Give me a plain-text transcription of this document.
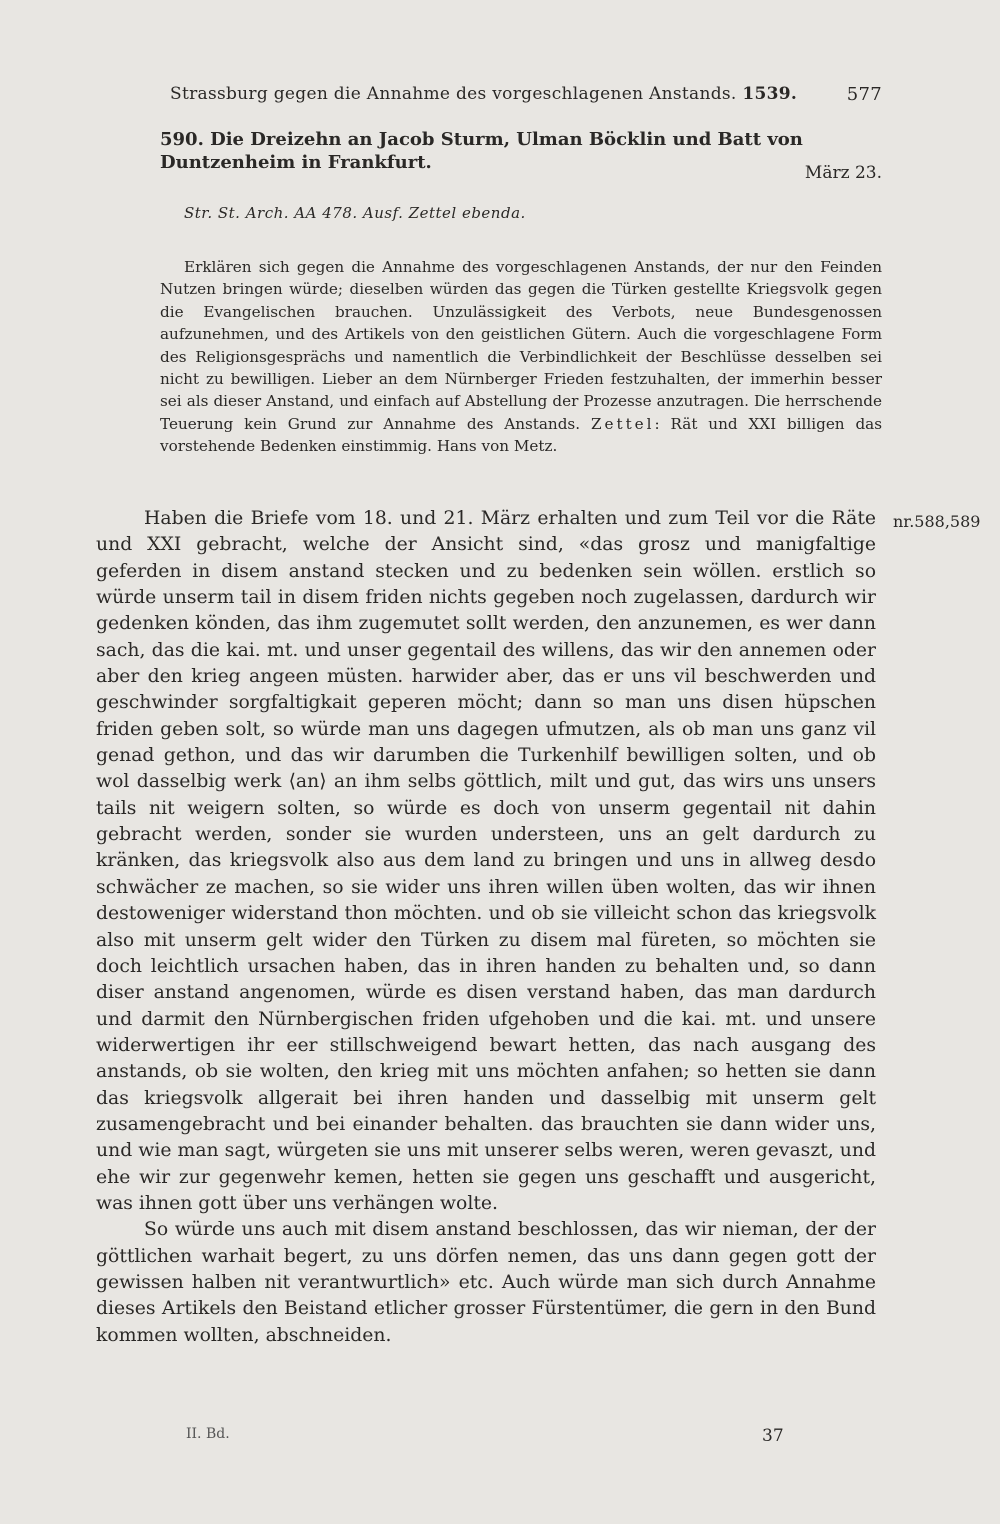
Strassburg gegen die Annahme des vorgeschlagenen Anstands. 1539.	577
590. Die Dreizehn an Jacob Sturm, Ulman Böcklin und Batt von Duntzenheim in Frankfurt.	März 23.
Str. St. Arch. AA 478. Ausf. Zettel ebenda.
Erklären sich gegen die Annahme des vorgeschlagenen Anstands, der nur den Feinden Nutzen bringen würde; dieselben würden das gegen die Türken gestellte Kriegsvolk gegen die Evangelischen brauchen. Unzulässigkeit des Verbots, neue Bundesgenossen aufzunehmen, und des Artikels von den geistlichen Gütern. Auch die vorgeschlagene Form des Religionsgesprächs und namentlich die Verbindlichkeit der Beschlüsse desselben sei nicht zu bewilligen. Lieber an dem Nürnberger Frieden festzuhalten, der immerhin besser sei als dieser Anstand, und einfach auf Abstellung der Prozesse anzutragen. Die herrschende Teuerung kein Grund zur Annahme des Anstands. Zettel: Rät und XXI billigen das vorstehende Bedenken einstimmig. Hans von Metz.

Haben die Briefe vom 18. und 21. März erhalten und zum Teil vor die Räte und XXI gebracht, welche der Ansicht sind, «das grosz und manigfaltige geferden in disem anstand stecken und zu bedenken sein wöllen. erstlich so würde unserm tail in disem friden nichts gegeben noch zugelassen, dardurch wir gedenken könden, das ihm zugemutet sollt werden, den anzunemen, es wer dann sach, das die kai. mt. und unser gegentail des willens, das wir den annemen oder aber den krieg angeen müsten. harwider aber, das er uns vil beschwerden und geschwinder sorgfaltigkait geperen möcht; dann so man uns disen hüpschen friden geben solt, so würde man uns dagegen ufmutzen, als ob man uns ganz vil genad gethon, und das wir darumben die Turkenhilf bewilligen solten, und ob wol dasselbig werk ⟨an⟩ an ihm selbs göttlich, milt und gut, das wirs uns unsers tails nit weigern solten, so würde es doch von unserm gegentail nit dahin gebracht werden, sonder sie wurden understeen, uns an gelt dardurch zu kränken, das kriegsvolk also aus dem land zu bringen und uns in allweg desdo schwächer ze machen, so sie wider uns ihren willen üben wolten, das wir ihnen destoweniger widerstand thon möchten. und ob sie villeicht schon das kriegsvolk also mit unserm gelt wider den Türken zu disem mal füreten, so möchten sie doch leichtlich ursachen haben, das in ihren handen zu behalten und, so dann diser anstand angenomen, würde es disen verstand haben, das man dardurch und darmit den Nürnbergischen friden ufgehoben und die kai. mt. und unsere widerwertigen ihr eer stillschweigend bewart hetten, das nach ausgang des anstands, ob sie wolten, den krieg mit uns möchten anfahen; so hetten sie dann das kriegsvolk allgerait bei ihren handen und dasselbig mit unserm gelt zusamengebracht und bei einander behalten. das brauchten sie dann wider uns, und wie man sagt, würgeten sie uns mit unserer selbs weren, weren gevaszt, und ehe wir zur gegenwehr kemen, hetten sie gegen uns geschafft und ausgericht, was ihnen gott über uns verhängen wolte.

So würde uns auch mit disem anstand beschlossen, das wir nieman, der der göttlichen warhait begert, zu uns dörfen nemen, das uns dann gegen gott der gewissen halben nit verantwurtlich» etc. Auch würde man sich durch Annahme dieses Artikels den Beistand etlicher grosser Fürstentümer, die gern in den Bund kommen wollten, abschneiden.

nr.588,589
II. Bd.	37
